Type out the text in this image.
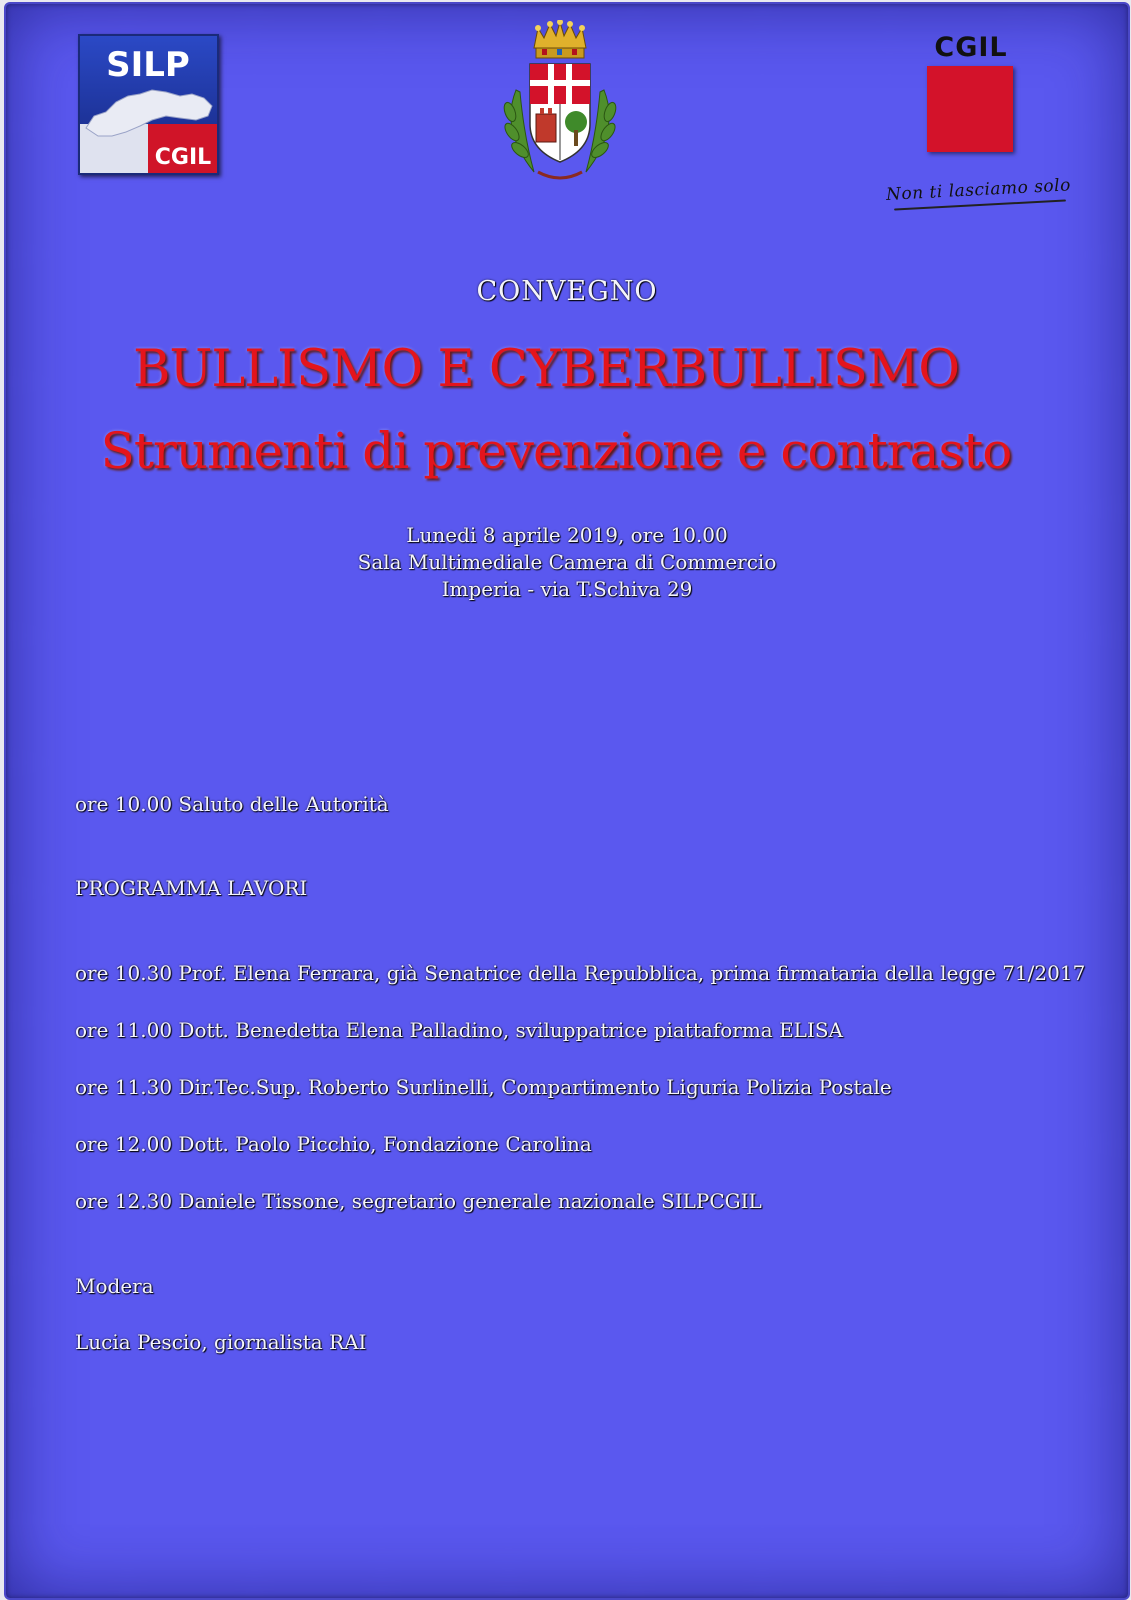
SILP
CGIL
CGIL
Non ti lasciamo solo
CONVEGNO
BULLISMO E CYBERBULLISMO
Strumenti di prevenzione e contrasto
Lunedi 8 aprile 2019, ore 10.00
Sala Multimediale Camera di Commercio
Imperia - via T.Schiva 29
ore 10.00 Saluto delle Autorità
PROGRAMMA LAVORI
ore 10.30 Prof. Elena Ferrara, già Senatrice della Repubblica, prima firmataria della legge 71/2017
ore 11.00 Dott. Benedetta Elena Palladino, sviluppatrice piattaforma ELISA
ore 11.30 Dir.Tec.Sup. Roberto Surlinelli, Compartimento Liguria Polizia Postale
ore 12.00 Dott. Paolo Picchio, Fondazione Carolina
ore 12.30 Daniele Tissone, segretario generale nazionale SILPCGIL
Modera
Lucia Pescio, giornalista RAI
